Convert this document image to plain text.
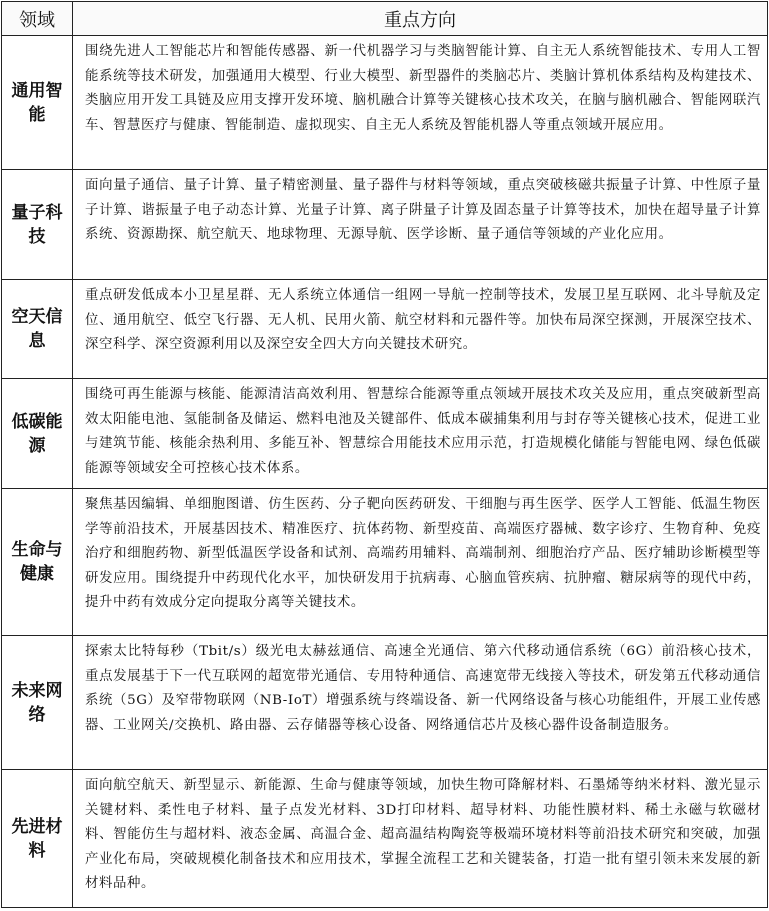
领域	重点方向
通用智能	围绕先进人工智能芯片和智能传感器、新一代机器学习与类脑智能计算、自主无人系统智能技术、专用人工智能系统等技术研发，加强通用大模型、行业大模型、新型器件的类脑芯片、类脑计算机体系结构及构建技术、类脑应用开发工具链及应用支撑开发环境、脑机融合计算等关键核心技术攻关，在脑与脑机融合、智能网联汽车、智慧医疗与健康、智能制造、虚拟现实、自主无人系统及智能机器人等重点领域开展应用。
量子科技	面向量子通信、量子计算、量子精密测量、量子器件与材料等领域，重点突破核磁共振量子计算、中性原子量子计算、谐振量子电子动态计算、光量子计算、离子阱量子计算及固态量子计算等技术，加快在超导量子计算系统、资源勘探、航空航天、地球物理、无源导航、医学诊断、量子通信等领域的产业化应用。
空天信息	重点研发低成本小卫星星群、无人系统立体通信一组网一导航一控制等技术，发展卫星互联网、北斗导航及定位、通用航空、低空飞行器、无人机、民用火箭、航空材料和元器件等。加快布局深空探测，开展深空技术、深空科学、深空资源利用以及深空安全四大方向关键技术研究。
低碳能源	围绕可再生能源与核能、能源清洁高效利用、智慧综合能源等重点领域开展技术攻关及应用，重点突破新型高效太阳能电池、氢能制备及储运、燃料电池及关键部件、低成本碳捕集利用与封存等关键核心技术，促进工业与建筑节能、核能余热利用、多能互补、智慧综合用能技术应用示范，打造规模化储能与智能电网、绿色低碳能源等领域安全可控核心技术体系。
生命与健康	聚焦基因编辑、单细胞图谱、仿生医药、分子靶向医药研发、干细胞与再生医学、医学人工智能、低温生物医学等前沿技术，开展基因技术、精准医疗、抗体药物、新型疫苗、高端医疗器械、数字诊疗、生物育种、免疫治疗和细胞药物、新型低温医学设备和试剂、高端药用辅料、高端制剂、细胞治疗产品、医疗辅助诊断模型等研发应用。围绕提升中药现代化水平，加快研发用于抗病毒、心脑血管疾病、抗肿瘤、糖尿病等的现代中药，提升中药有效成分定向提取分离等关键技术。
未来网络	探索太比特每秒（Tbit/s）级光电太赫兹通信、高速全光通信、第六代移动通信系统（6G）前沿核心技术，重点发展基于下一代互联网的超宽带光通信、专用特种通信、高速宽带无线接入等技术，研发第五代移动通信系统（5G）及窄带物联网（NB-IoT）增强系统与终端设备、新一代网络设备与核心功能组件，开展工业传感器、工业网关/交换机、路由器、云存储器等核心设备、网络通信芯片及核心器件设备制造服务。
先进材料	面向航空航天、新型显示、新能源、生命与健康等领域，加快生物可降解材料、石墨烯等纳米材料、激光显示关键材料、柔性电子材料、量子点发光材料、3D打印材料、超导材料、功能性膜材料、稀土永磁与软磁材料、智能仿生与超材料、液态金属、高温合金、超高温结构陶瓷等极端环境材料等前沿技术研究和突破，加强产业化布局，突破规模化制备技术和应用技术，掌握全流程工艺和关键装备，打造一批有望引领未来发展的新材料品种。
